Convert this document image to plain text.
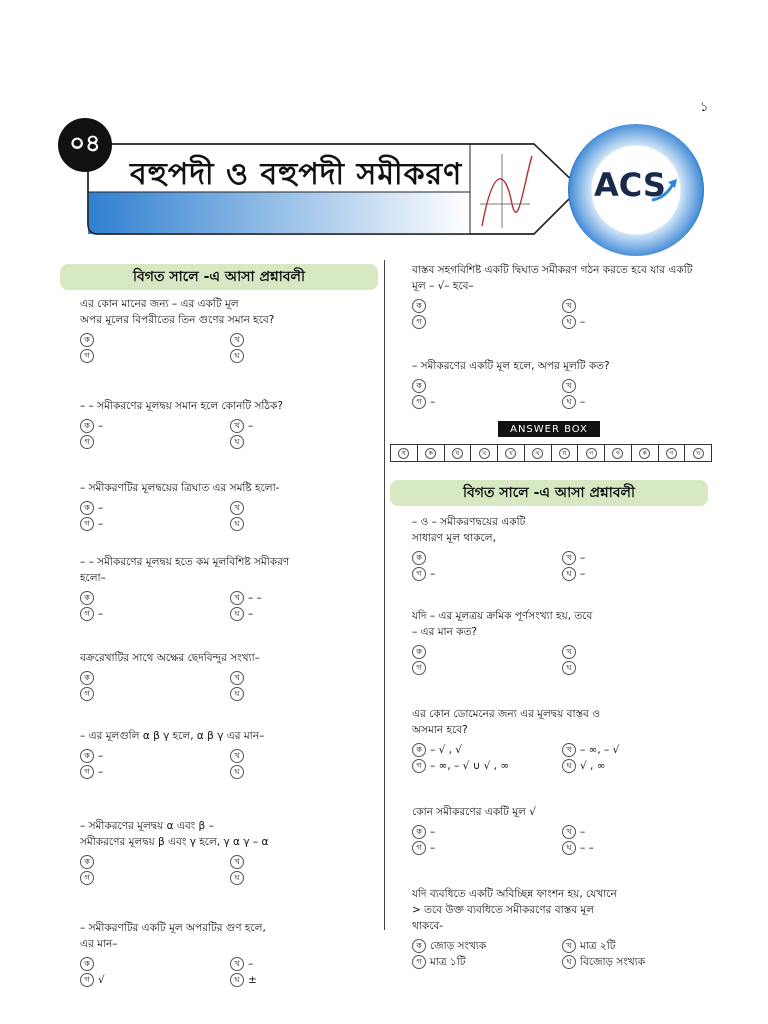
১
০৪
বহুপদী ও বহুপদী সমীকরণ	ACS
বিগত সালে -এ আসা প্রশ্নাবলী
এর কোন মানের জন্য – এর একটি মূল
অপর মূলের বিপরীতের তিন গুণের সমান হবে?
ক	খ
গ	ঘ
– – সমীকরণের মূলদ্বয় সমান হলে কোনটি সঠিক?
ক –	খ –
গ	ঘ
– সমীকরণটির মূলদ্বয়ের ত্রিঘাত এর সমষ্টি হলো-
ক –	খ
গ –	ঘ
– – সমীকরণের মূলদ্বয় হতে কম মূলবিশিষ্ট সমীকরণ
হলো–
ক	খ – –
গ –	ঘ –
বক্ররেখাটির সাথে অক্ষের ছেদবিন্দুর সংখ্যা–
ক	খ
গ	ঘ
– এর মূলগুলি α β γ হলে, α β γ এর মান–
ক –	খ
গ –	ঘ
– সমীকরণের মূলদ্বয় α এবং β –
সমীকরণের মূলদ্বয় β এবং γ হলে, γ α γ – α
ক	খ
গ	ঘ
– সমীকরণটির একটি মূল অপরটির গুণ হলে,
এর মান–
ক	খ –
গ √	ঘ ±
বাস্তব সহগবিশিষ্ট একটি দ্বিঘাত সমীকরণ গঠন করতে হবে যার একটি
মূল – √– হবে–
ক	খ
গ	ঘ –
– সমীকরণের একটি মূল হলে, অপর মূলটি কত?
ক	খ
গ –	ঘ –
ANSWER BOX
ঘ	ক	ঘ	খ	খ	খ	ঘ	গ	গ	ক	গ	খ
বিগত সালে -এ আসা প্রশ্নাবলী
– ও – সমীকরণদ্বয়ের একটি
সাধারণ মূল থাকলে,
ক	খ –
গ –	ঘ –
যদি – এর মূলত্রয় ক্রমিক পূর্ণসংখ্যা হয়, তবে
– এর মান কত?
ক	খ
গ	ঘ
এর কোন ডোমেনের জন্য এর মূলদ্বয় বাস্তব ও
অসমান হবে?
ক – √ , √	খ – ∞, – √
গ – ∞, – √ ∪ √ , ∞	ঘ √ , ∞
কোন সমীকরণের একটি মূল √
ক –	খ –
গ –	ঘ – –
যদি ব্যবধিতে একটি অবিচ্ছিন্ন ফাংশন হয়, যেখানে
> তবে উক্ত ব্যবধিতে সমীকরণের বাস্তব মূল
থাকবে-
ক জোড় সংখ্যক	খ মাত্র ২টি
গ মাত্র ১টি	ঘ বিজোড় সংখ্যক
